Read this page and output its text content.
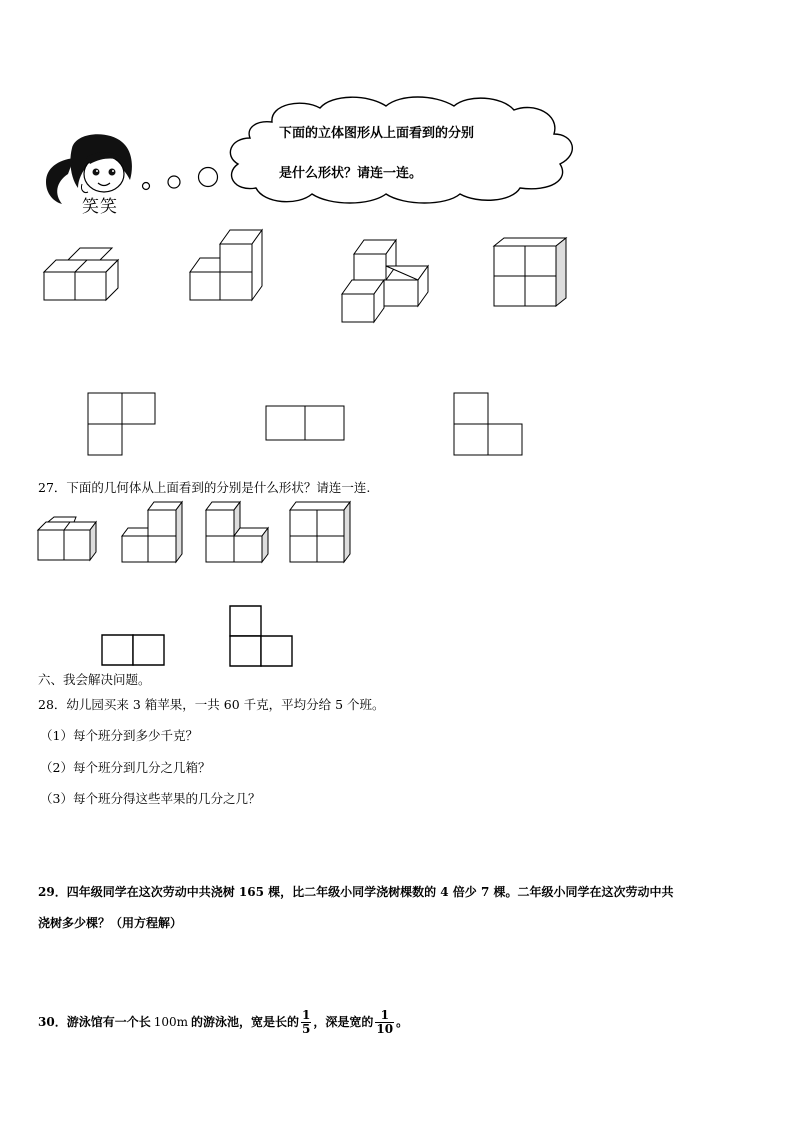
笑笑
下面的立体图形从上面看到的分别
是什么形状？请连一连。
27．下面的几何体从上面看到的分别是什么形状？请连一连.
六、我会解决问题。
28．幼儿园买来 3 箱苹果，一共 60 千克，平均分给 5 个班。
（1）每个班分到多少千克？
（2）每个班分到几分之几箱？
（3）每个班分得这些苹果的几分之几？
29．四年级同学在这次劳动中共浇树 165 棵，比二年级小同学浇树棵数的 4 倍少 7 棵。二年级小同学在这次劳动中共
浇树多少棵？（用方程解）
30．游泳馆有一个长 100m 的游泳池，宽是长的 $\frac{1}{5}$ ，深是宽的 $\frac{1}{10}$ 。
